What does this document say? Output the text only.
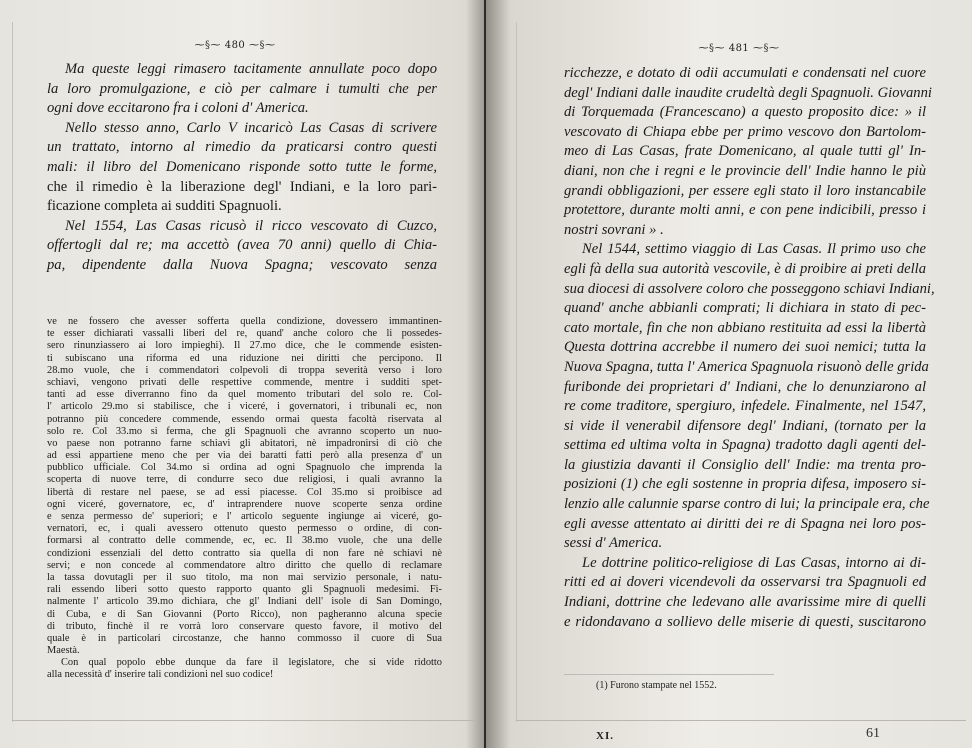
⁓§⁓ 480 ⁓§⁓
Ma queste leggi rimasero tacitamente annullate poco dopo
la loro promulgazione, e ciò per calmare i tumulti che per
ogni dove eccitarono fra i coloni d' America.
Nello stesso anno, Carlo V incaricò Las Casas di scrivere
un trattato, intorno al rimedio da praticarsi contro questi
mali: il libro del Domenicano risponde sotto tutte le forme,
che il rimedio è la liberazione degl' Indiani, e la loro pari-
ficazione completa ai sudditi Spagnuoli.
Nel 1554, Las Casas ricusò il ricco vescovato di Cuzco,
offertogli dal re; ma accettò (avea 70 anni) quello di Chia-
pa, dipendente dalla Nuova Spagna; vescovato senza
ve ne fossero che avesser sofferta quella condizione, dovessero immantinen-
te esser dichiarati vassalli liberi del re, quand' anche coloro che li possedes-
sero rinunziassero ai loro impieghi). Il 27.mo dice, che le commende esisten-
ti subiscano una riforma ed una riduzione nei diritti che percipono. Il
28.mo vuole, che i commendatori colpevoli di troppa severità verso i loro
schiavi, vengono privati delle respettive commende, mentre i sudditi spet-
tanti ad esse diverranno fino da quel momento tributari del solo re. Col-
l' articolo 29.mo si stabilisce, che i viceré, i governatori, i tribunali ec, non
potranno più concedere commende, essendo ormai questa facoltà riservata al
solo re. Col 33.mo si ferma, che gli Spagnuoli che avranno scoperto un nuo-
vo paese non potranno farne schiavi gli abitatori, nè impadronirsi di ciò che
ad essi appartiene meno che per via dei baratti fatti però alla presenza d' un
pubblico ufficiale. Col 34.mo si ordina ad ogni Spagnuolo che imprenda la
scoperta di nuove terre, di condurre seco due religiosi, i quali avranno la
libertà di restare nel paese, se ad essi piacesse. Col 35.mo si proibisce ad
ogni viceré, governatore, ec, d' intraprendere nuove scoperte senza ordine
e senza permesso de' superiori; e l' articolo seguente ingiunge ai viceré, go-
vernatori, ec, i quali avessero ottenuto questo permesso o ordine, di con-
formarsi al contratto delle commende, ec, ec. Il 38.mo vuole, che una delle
condizioni essenziali del detto contratto sia quella di non fare nè schiavi nè
servi; e non concede al commendatore altro diritto che quello di reclamare
la tassa dovutagli per il suo titolo, ma non mai servizio personale, i natu-
rali essendo liberi sotto questo rapporto quanto gli Spagnuoli medesimi. Fi-
nalmente l' articolo 39.mo dichiara, che gl' Indiani dell' isole di San Domingo,
di Cuba, e di San Giovanni (Porto Ricco), non pagheranno alcuna specie
di tributo, finchè il re vorrà loro conservare questo favore, il motivo del
quale è in particolari circostanze, che hanno commosso il cuore di Sua
Maestà.
Con qual popolo ebbe dunque da fare il legislatore, che si vide ridotto
alla necessità d' inserire tali condizioni nel suo codice!
⁓§⁓ 481 ⁓§⁓
ricchezze, e dotato di odii accumulati e condensati nel cuore
degl' Indiani dalle inaudite crudeltà degli Spagnuoli. Giovanni
di Torquemada (Francescano) a questo proposito dice: » il
vescovato di Chiapa ebbe per primo vescovo don Bartolom-
meo di Las Casas, frate Domenicano, al quale tutti gl' In-
diani, non che i regni e le provincie dell' Indie hanno le più
grandi obbligazioni, per essere egli stato il loro instancabile
protettore, durante molti anni, e con pene indicibili, presso i
nostri sovrani » .
Nel 1544, settimo viaggio di Las Casas. Il primo uso che
egli fà della sua autorità vescovile, è di proibire ai preti della
sua diocesi di assolvere coloro che posseggono schiavi Indiani,
quand' anche abbianli comprati; li dichiara in stato di pec-
cato mortale, fin che non abbiano restituita ad essi la libertà
Questa dottrina accrebbe il numero dei suoi nemici; tutta la
Nuova Spagna, tutta l' America Spagnuola risuonò delle grida
furibonde dei proprietari d' Indiani, che lo denunziarono al
re come traditore, spergiuro, infedele. Finalmente, nel 1547,
si vide il venerabil difensore degl' Indiani, (tornato per la
settima ed ultima volta in Spagna) tradotto dagli agenti del-
la giustizia davanti il Consiglio dell' Indie: ma trenta pro-
posizioni (1) che egli sostenne in propria difesa, imposero si-
lenzio alle calunnie sparse contro di lui; la principale era, che
egli avesse attentato ai diritti dei re di Spagna nei loro pos-
sessi d' America.
Le dottrine politico-religiose di Las Casas, intorno ai di-
ritti ed ai doveri vicendevoli da osservarsi tra Spagnuoli ed
Indiani, dottrine che ledevano alle avarissime mire di quelli
e ridondavano a sollievo delle miserie di questi, suscitarono
(1) Furono stampate nel 1552.
XI.	61
